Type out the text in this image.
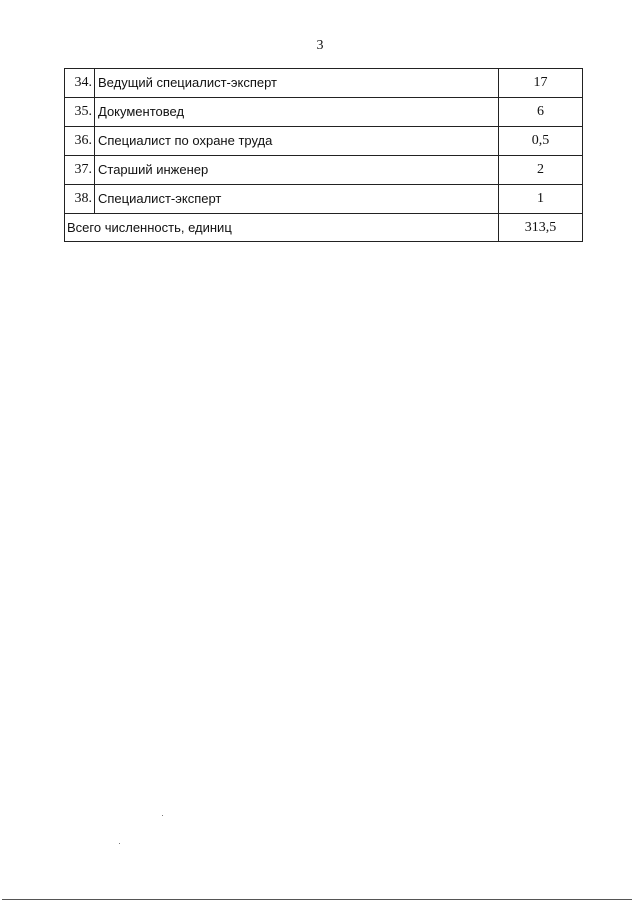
3
34.	Ведущий специалист-эксперт	17
35.	Документовед	6
36.	Специалист по охране труда	0,5
37.	Старший инженер	2
38.	Специалист-эксперт	1
Всего численность, единиц		313,5
